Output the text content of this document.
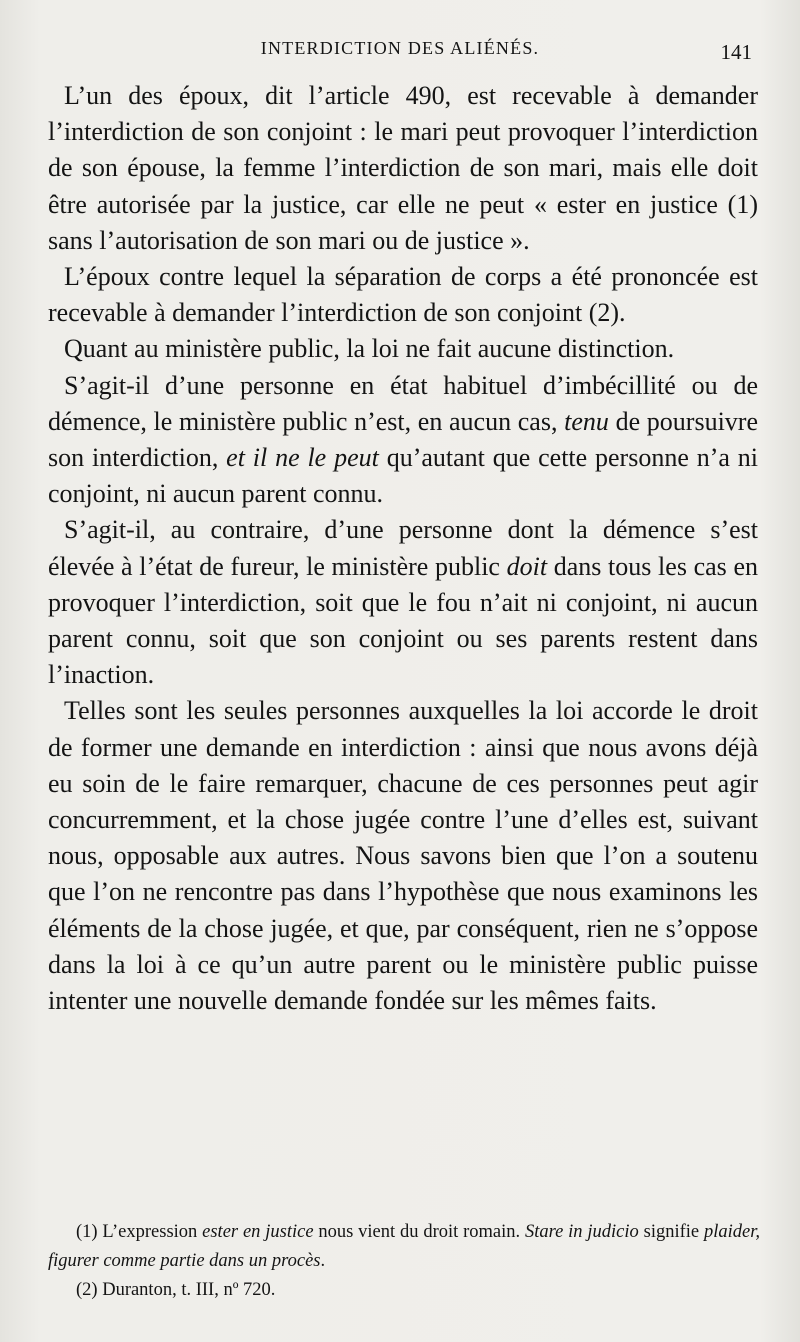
INTERDICTION DES ALIÉNÉS.	141

L’un des époux, dit l’article 490, est recevable à demander l’interdiction de son conjoint : le mari peut provoquer l’interdiction de son épouse, la femme l’interdiction de son mari, mais elle doit être autorisée par la justice, car elle ne peut « ester en justice (1) sans l’autorisation de son mari ou de justice ».

L’époux contre lequel la séparation de corps a été prononcée est recevable à demander l’interdiction de son conjoint (2).

Quant au ministère public, la loi ne fait aucune distinction.

S’agit-il d’une personne en état habituel d’imbécillité ou de démence, le ministère public n’est, en aucun cas, tenu de poursuivre son interdiction, et il ne le peut qu’autant que cette personne n’a ni conjoint, ni aucun parent connu.

S’agit-il, au contraire, d’une personne dont la démence s’est élevée à l’état de fureur, le ministère public doit dans tous les cas en provoquer l’interdiction, soit que le fou n’ait ni conjoint, ni aucun parent connu, soit que son conjoint ou ses parents restent dans l’inaction.

Telles sont les seules personnes auxquelles la loi accorde le droit de former une demande en interdiction : ainsi que nous avons déjà eu soin de le faire remarquer, chacune de ces personnes peut agir concurremment, et la chose jugée contre l’une d’elles est, suivant nous, opposable aux autres. Nous savons bien que l’on a soutenu que l’on ne rencontre pas dans l’hypothèse que nous examinons les éléments de la chose jugée, et que, par conséquent, rien ne s’oppose dans la loi à ce qu’un autre parent ou le ministère public puisse intenter une nouvelle demande fondée sur les mêmes faits.

(1) L’expression ester en justice nous vient du droit romain. Stare in judicio signifie plaider, figurer comme partie dans un procès.

(2) Duranton, t. III, nº 720.
